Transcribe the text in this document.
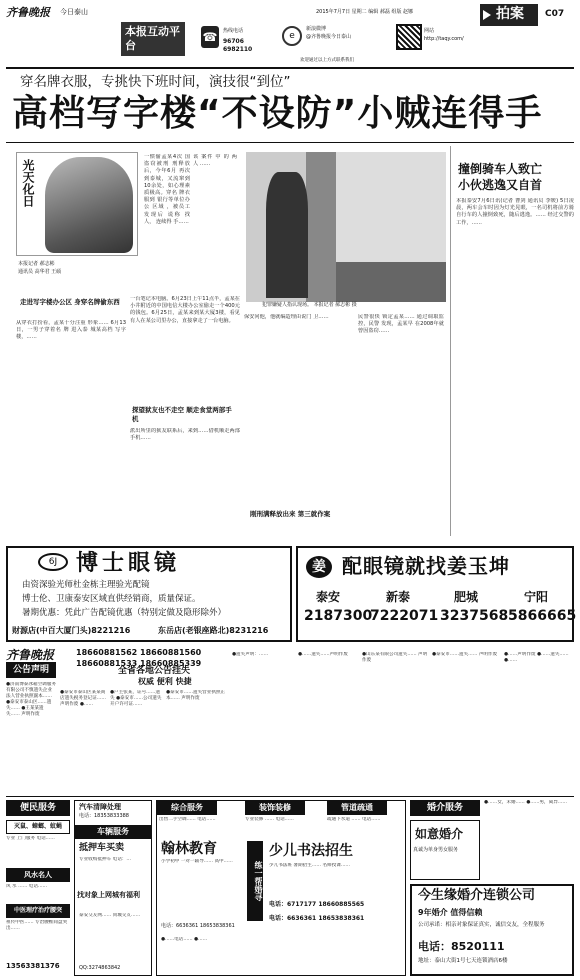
齐鲁晚报 今日泰山	2015年7月7日 星期二 编辑 郝磊 组版 赵娜
本报互动平台
☎	热线电话
96706 6982110
e
新浪微博
@齐鲁晚报今日泰山
网站
http://taqy.com/
欢迎通过以上方式联系我们
拍案 C07
穿名牌衣服，专挑快下班时间，演技很“到位”
高档写字楼“不设防”小贼连得手
光天化日
本报记者 郝志彬
通讯员 高华君 王硕
一惯偷孟某4次 国盗窃被刑 刑释放 后，今年6月 再次 到泰城，又流窜到10余处，如心理素 质极高。穿名 牌衣 服到 银行等单位办公 区域 ，被员工 发现后 谎称 找 人， 连续得 手……
该 案件 中 的 两 人 ……
犯罪嫌疑人指认现场。 本报记者 郝志彬 摄
走进写字楼办公区 身穿名牌偷东西
从穿衣打扮看，孟某十分注重 形象…… 6月13日，一男子穿着名 牌 进入泰 城某高档 写字楼，……
一台笔记本电脑。6月23日上午11点半，孟某在小井附近的中国电信大楼办公室偷走一个400元的钱包。6月25日，孟某来到某大厦3楼，看见有人在某公司里办公，直接拿走了一台电脑。
探望狱友也不走空 顺走食堂两部手机
派出所里的狱友联系后，来到……借机顺走两部手机……
保安问他，他就编造理由说门 卫……
刚刑满释放出来 第三就作案
民警很快 锁定孟某…… 通过调取监控，民警 发现，孟某早 在2008年就曾因盗窃……
撞倒骑车人致亡
小伙逃逸又自首
本报泰安7月6日讯(记者 曹剑 通讯员 李媛) 5日凌晨，两车会车时因为灯光晃眼，一名司机将前方骑自行车的人撞倒致死，随后逃逸。…… 经过交警的工作，……
6J 博士眼镜
由资深验光师杜金栋主理验光配镜
博士伦、卫康泰安区域直供经销商，质量保证。
暑期优惠：凭此广告配镜优惠（特别定做及隐形除外）
财源店(中百大厦门头)8221216	东岳店(老银座路北)8231216
姜 配眼镜就找姜玉坤
泰安
2187300
新泰
7222071
肥城
3237568
宁阳
5866665
齐鲁晚报	18660881562 18660881560
18660881533 18660885339
公告声明	全省各地公告挂失
权威 便利 快捷
●济南博泰冰箱空调服务有限公司不慎遗失企业法人营业执照副本…… ●泰安市泰山区……遗失…… ●王某某遗失…… 声明作废
●泰安市泰山区某某商店遗失税务登记证…… 声明作废 ●……
●户主张某，证号……遗失 ●泰安市……公司遗失开户许可证……
●泰安市……遗失营业执照正本…… 声明作废
●遗失声明：……	●……遗失……声明作废	●山东某有限公司遗失…… 声明作废
●泰安市……遗失…… 声明作废	●……声明作废 ●……遗失…… ●……
便民服务
灭鼠、蟑螂、蚊蝇
专业 上门服务 电话……
风水名人
风 水 …… 电话……
中医理疗治疗腰突
祖传中医…… 专治腰椎间盘突出……
13563381376
汽车清障处理
电话：18353833388
车辆服务
抵押车买卖
专业收购抵押车 电话：…
找对象上网城有福利
泰安交友网…… 同城交友……
QQ:3274863842
综合服务	装饰装修	管道疏通
出售二手空调…… 电话……	专业装修 …… 电话……	疏通下水道 …… 电话……
翰林教育
小学初中 一对一辅导…… 高中……
电话：6636361 18653838361
练一帮婚寻
少儿书法招生
少儿书法班 暑期招生…… 名师授课……
电话：6717177 18660885565
电话：6636361 18653838361
●……电话…… ●……
婚介服务
如意婚介
真诚为单身男女服务
●……女，未婚…… ●……男，离异……
今生缘婚介连锁公司
9年婚介 值得信赖
公司承诺：相亲对象保证真实，诚信交友，全程服务
电话：8520111
地址：泰山大街1号七天连锁酒店6楼
